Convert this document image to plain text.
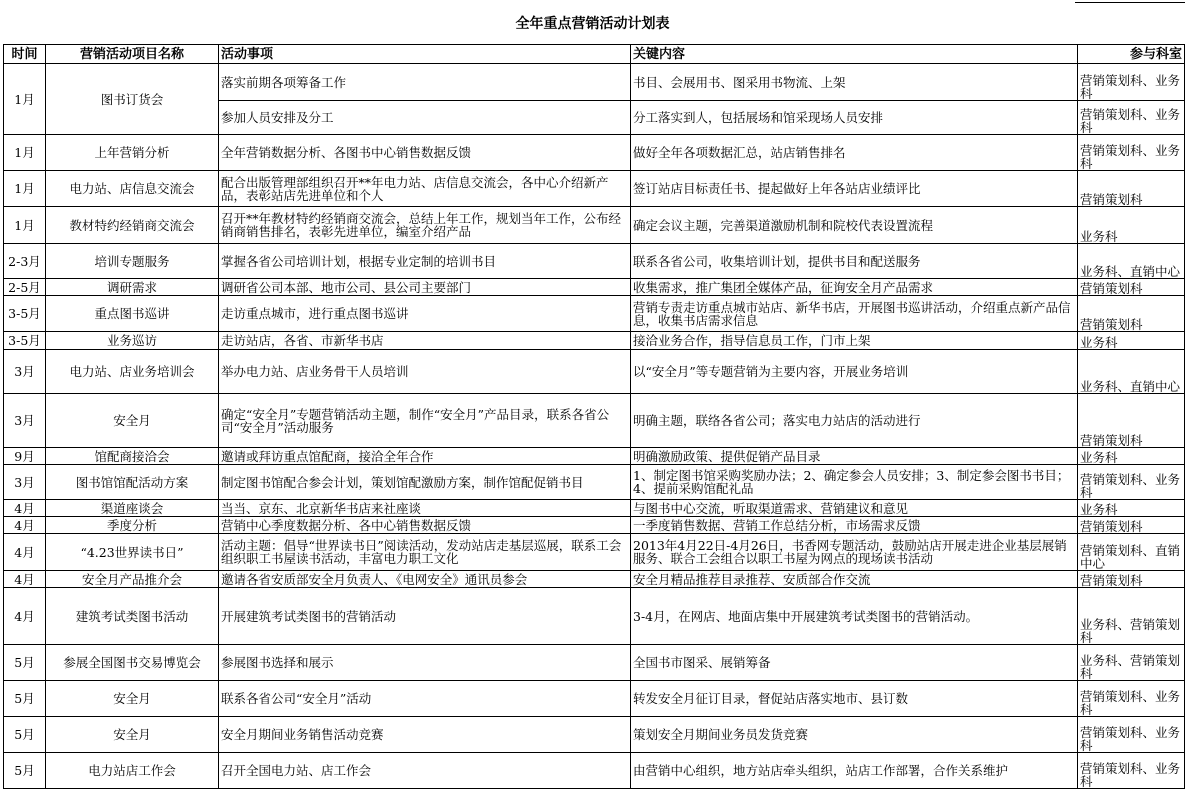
全年重点营销活动计划表
时间	营销活动项目名称	活动事项	关键内容	参与科室
1月	图书订货会	落实前期各项筹备工作	书目、会展用书、图采用书物流、上架	营销策划科、业务科
		参加人员安排及分工	分工落实到人，包括展场和馆采现场人员安排	营销策划科、业务科
1月	上年营销分析	全年营销数据分析、各图书中心销售数据反馈	做好全年各项数据汇总，站店销售排名	营销策划科、业务科
1月	电力站、店信息交流会	配合出版管理部组织召开**年电力站、店信息交流会，各中心介绍新产品，表彰站店先进单位和个人	签订站店目标责任书、提起做好上年各站店业绩评比	营销策划科
1月	教材特约经销商交流会	召开**年教材特约经销商交流会，总结上年工作，规划当年工作，公布经销商销售排名，表彰先进单位，编室介绍产品	确定会议主题，完善渠道激励机制和院校代表设置流程	业务科
2-3月	培训专题服务	掌握各省公司培训计划，根据专业定制的培训书目	联系各省公司，收集培训计划，提供书目和配送服务	业务科、直销中心
2-5月	调研需求	调研省公司本部、地市公司、县公司主要部门	收集需求，推广集团全媒体产品，征询安全月产品需求	营销策划科
3-5月	重点图书巡讲	走访重点城市，进行重点图书巡讲	营销专责走访重点城市站店、新华书店，开展图书巡讲活动，介绍重点新产品信息，收集书店需求信息	营销策划科
3-5月	业务巡访	走访站店，各省、市新华书店	接洽业务合作，指导信息员工作，门市上架	业务科
3月	电力站、店业务培训会	举办电力站、店业务骨干人员培训	以“安全月”等专题营销为主要内容，开展业务培训	业务科、直销中心
3月	安全月	确定“安全月”专题营销活动主题，制作“安全月”产品目录，联系各省公司“安全月”活动服务	明确主题，联络各省公司；落实电力站店的活动进行	营销策划科
9月	馆配商接洽会	邀请或拜访重点馆配商，接洽全年合作	明确激励政策、提供促销产品目录	业务科
3月	图书馆馆配活动方案	制定图书馆配合参会计划，策划馆配激励方案，制作馆配促销书目	1、制定图书馆采购奖励办法；2、确定参会人员安排；3、制定参会图书书目；4、提前采购馆配礼品	营销策划科、业务科
4月	渠道座谈会	当当、京东、北京新华书店来社座谈	与图书中心交流，听取渠道需求、营销建议和意见	业务科
4月	季度分析	营销中心季度数据分析、各中心销售数据反馈	一季度销售数据、营销工作总结分析，市场需求反馈	营销策划科
4月	“4.23世界读书日”	活动主题：倡导“世界读书日”阅读活动，发动站店走基层巡展，联系工会组织职工书屋读书活动，丰富电力职工文化	2013年4月22日-4月26日，书香网专题活动，鼓励站店开展走进企业基层展销服务、联合工会组合以职工书屋为网点的现场读书活动	营销策划科、直销中心
4月	安全月产品推介会	邀请各省安质部安全月负责人、《电网安全》通讯员参会	安全月精品推荐目录推荐、安质部合作交流	营销策划科
4月	建筑考试类图书活动	开展建筑考试类图书的营销活动	3-4月，在网店、地面店集中开展建筑考试类图书的营销活动。	业务科、营销策划科
5月	参展全国图书交易博览会	参展图书选择和展示	全国书市图采、展销筹备	业务科、营销策划科
5月	安全月	联系各省公司“安全月”活动	转发安全月征订目录，督促站店落实地市、县订数	营销策划科、业务科
5月	安全月	安全月期间业务销售活动竞赛	策划安全月期间业务员发货竞赛	营销策划科、业务科
5月	电力站店工作会	召开全国电力站、店工作会	由营销中心组织，地方站店牵头组织，站店工作部署，合作关系维护	营销策划科、业务科
